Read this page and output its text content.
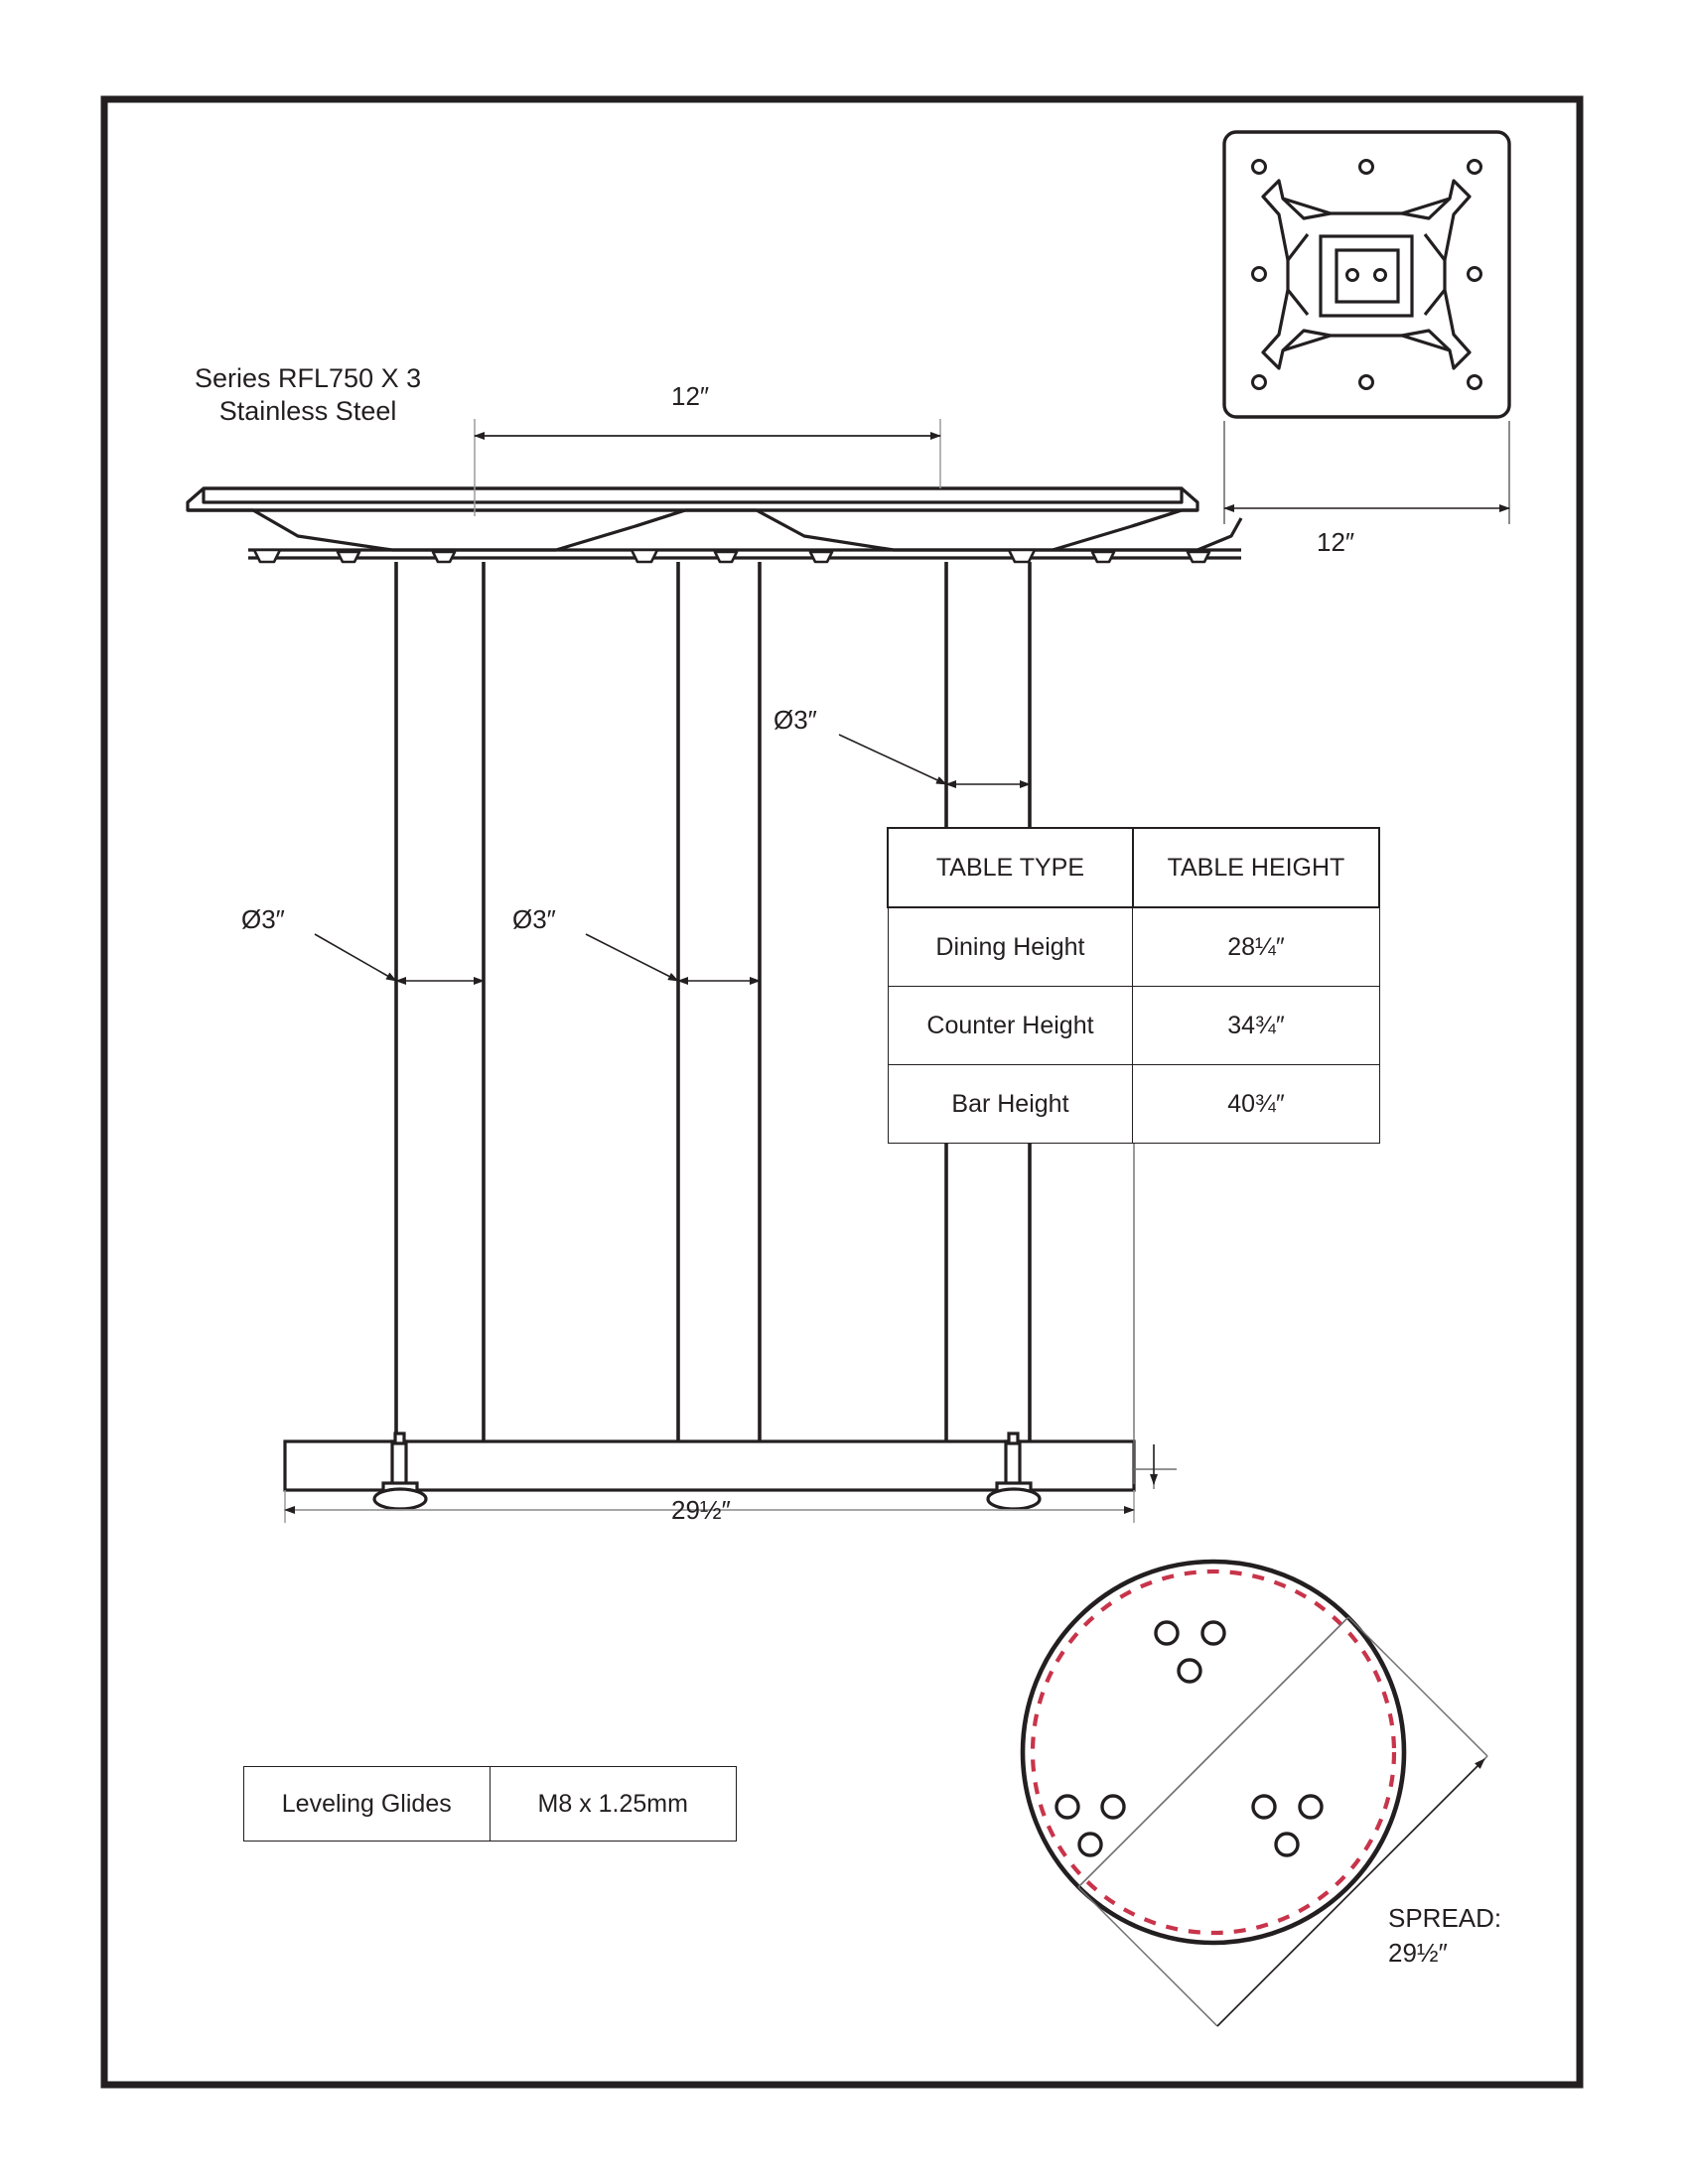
Series RFL750 X 3
Stainless Steel	12″
12″
29½″
Ø3″	Ø3″
Ø3″
SPREAD:
29½″
TABLE TYPE	TABLE HEIGHT
Dining Height	28¼″
Counter Height	34¾″
Bar Height	40¾″
Leveling Glides	M8 x 1.25mm
